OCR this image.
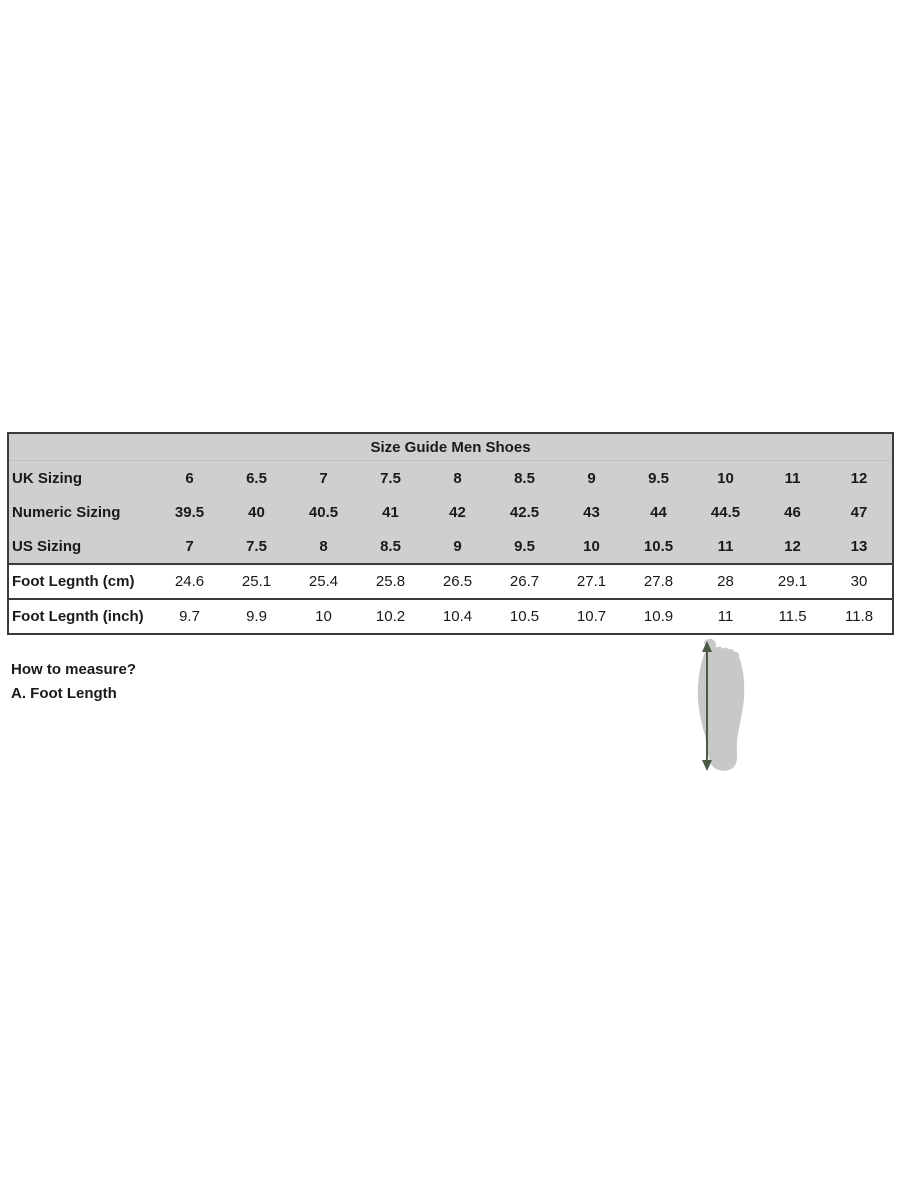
Size Guide Men Shoes											
UK Sizing	6	6.5	7	7.5	8	8.5	9	9.5	10	11	12
Numeric Sizing	39.5	40	40.5	41	42	42.5	43	44	44.5	46	47
US Sizing	7	7.5	8	8.5	9	9.5	10	10.5	11	12	13
Foot Legnth (cm)	24.6	25.1	25.4	25.8	26.5	26.7	27.1	27.8	28	29.1	30
Foot Legnth (inch)	9.7	9.9	10	10.2	10.4	10.5	10.7	10.9	11	11.5	11.8
How to measure?
A. Foot Length
